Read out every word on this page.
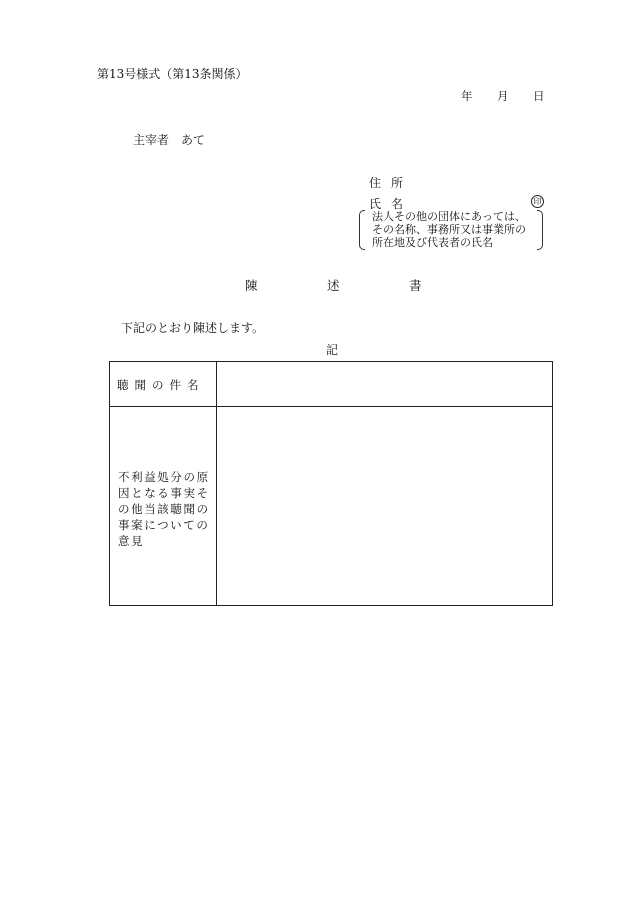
第13号様式（第13条関係）
年 月 日
主宰者　あて
住所
氏名	印
法人その他の団体にあっては、
その名称、事務所又は事業所の
所在地及び代表者の氏名
陳	述	書
下記のとおり陳述します。
記
聴聞の件名
不利益処分の原
因となる事実そ
の他当該聴聞の
事案についての
意見
